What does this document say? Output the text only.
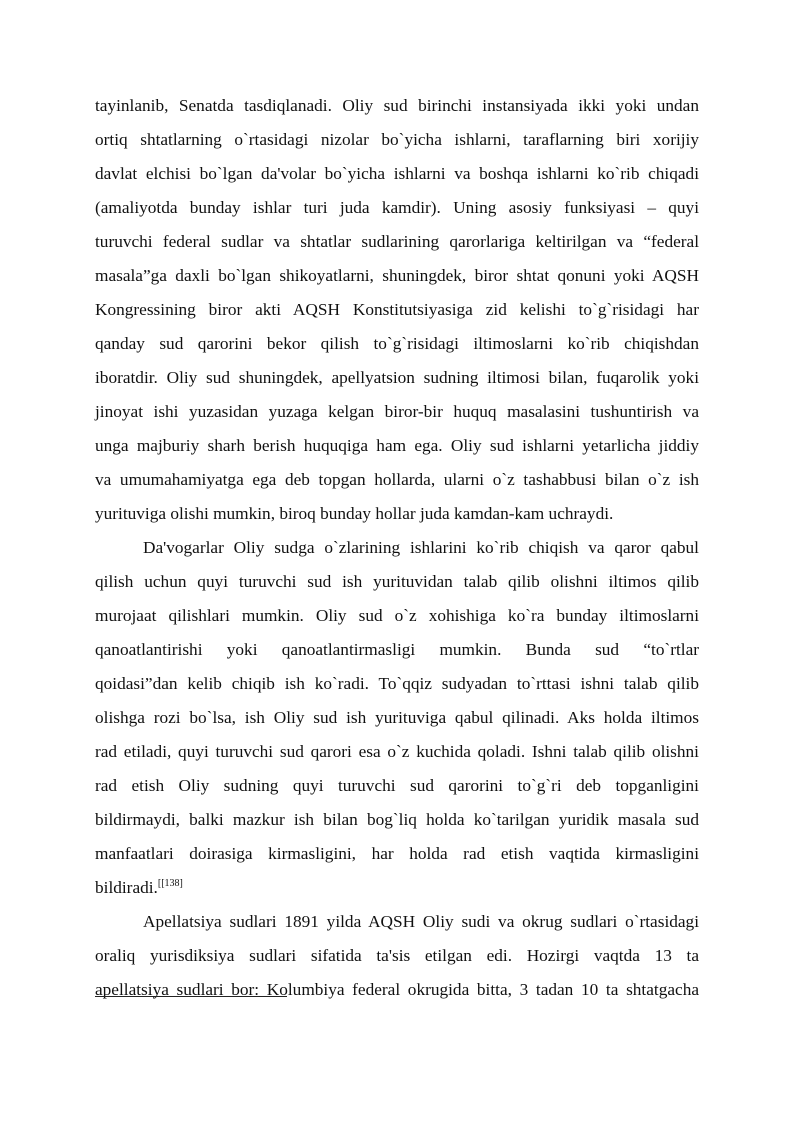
tayinlanib, Senatda tasdiqlanadi. Oliy sud birinchi instansiyada ikki yoki undan
ortiq shtatlarning o`rtasidagi nizolar bo`yicha ishlarni, taraflarning biri xorijiy
davlat elchisi bo`lgan da'volar bo`yicha ishlarni va boshqa ishlarni ko`rib chiqadi
(amaliyotda bunday ishlar turi juda kamdir). Uning asosiy funksiyasi – quyi
turuvchi federal sudlar va shtatlar sudlarining qarorlariga keltirilgan va “federal
masala”ga daxli bo`lgan shikoyatlarni, shuningdek, biror shtat qonuni yoki AQSH
Kongressining biror akti AQSH Konstitutsiyasiga zid kelishi to`g`risidagi har
qanday sud qarorini bekor qilish to`g`risidagi iltimoslarni ko`rib chiqishdan
iboratdir. Oliy sud shuningdek, apellyatsion sudning iltimosi bilan, fuqarolik yoki
jinoyat ishi yuzasidan yuzaga kelgan biror-bir huquq masalasini tushuntirish va
unga majburiy sharh berish huquqiga ham ega. Oliy sud ishlarni yetarlicha jiddiy
va umumahamiyatga ega deb topgan hollarda, ularni o`z tashabbusi bilan o`z ish
yurituviga olishi mumkin, biroq bunday hollar juda kamdan-kam uchraydi.
Da'vogarlar Oliy sudga o`zlarining ishlarini ko`rib chiqish va qaror qabul
qilish uchun quyi turuvchi sud ish yurituvidan talab qilib olishni iltimos qilib
murojaat qilishlari mumkin. Oliy sud o`z xohishiga ko`ra bunday iltimoslarni
qanoatlantirishi yoki qanoatlantirmasligi mumkin. Bunda sud “to`rtlar
qoidasi”dan kelib chiqib ish ko`radi. To`qqiz sudyadan to`rttasi ishni talab qilib
olishga rozi bo`lsa, ish Oliy sud ish yurituviga qabul qilinadi. Aks holda iltimos
rad etiladi, quyi turuvchi sud qarori esa o`z kuchida qoladi. Ishni talab qilib olishni
rad etish Oliy sudning quyi turuvchi sud qarorini to`g`ri deb topganligini
bildirmaydi, balki mazkur ish bilan bog`liq holda ko`tarilgan yuridik masala sud
manfaatlari doirasiga kirmasligini, har holda rad etish vaqtida kirmasligini
bildiradi.[[138]
Apellatsiya sudlari 1891 yilda AQSH Oliy sudi va okrug sudlari o`rtasidagi
oraliq yurisdiksiya sudlari sifatida ta'sis etilgan edi. Hozirgi vaqtda 13 ta
apellatsiya sudlari bor: Kolumbiya federal okrugida bitta, 3 tadan 10 ta shtatgacha
